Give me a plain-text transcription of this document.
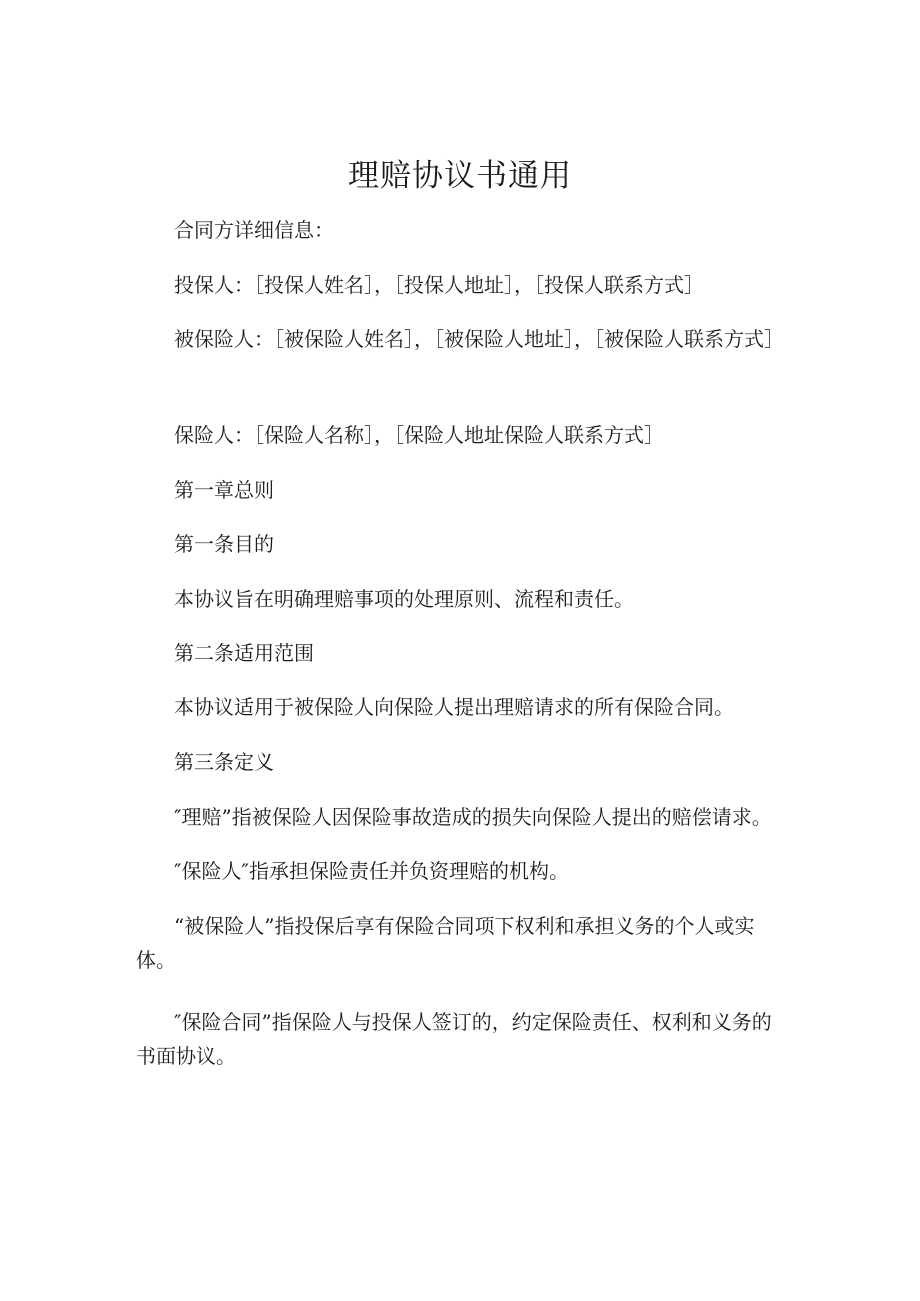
理赔协议书通用

合同方详细信息：

投保人：［投保人姓名］，［投保人地址］，［投保人联系方式］

被保险人：［被保险人姓名］，［被保险人地址］，［被保险人联系方式］

保险人：［保险人名称］，［保险人地址保险人联系方式］

第一章总则

第一条目的

本协议旨在明确理赔事项的处理原则、流程和责任。

第二条适用范围

本协议适用于被保险人向保险人提出理赔请求的所有保险合同。

第三条定义

″理赔”指被保险人因保险事故造成的损失向保险人提出的赔偿请求。

″保险人″指承担保险责任并负资理赔的机构。

“被保险人”指投保后享有保险合同项下权利和承担义务的个人或实体。

″保险合同”指保险人与投保人签订的，约定保险责任、权利和义务的书面协议。
